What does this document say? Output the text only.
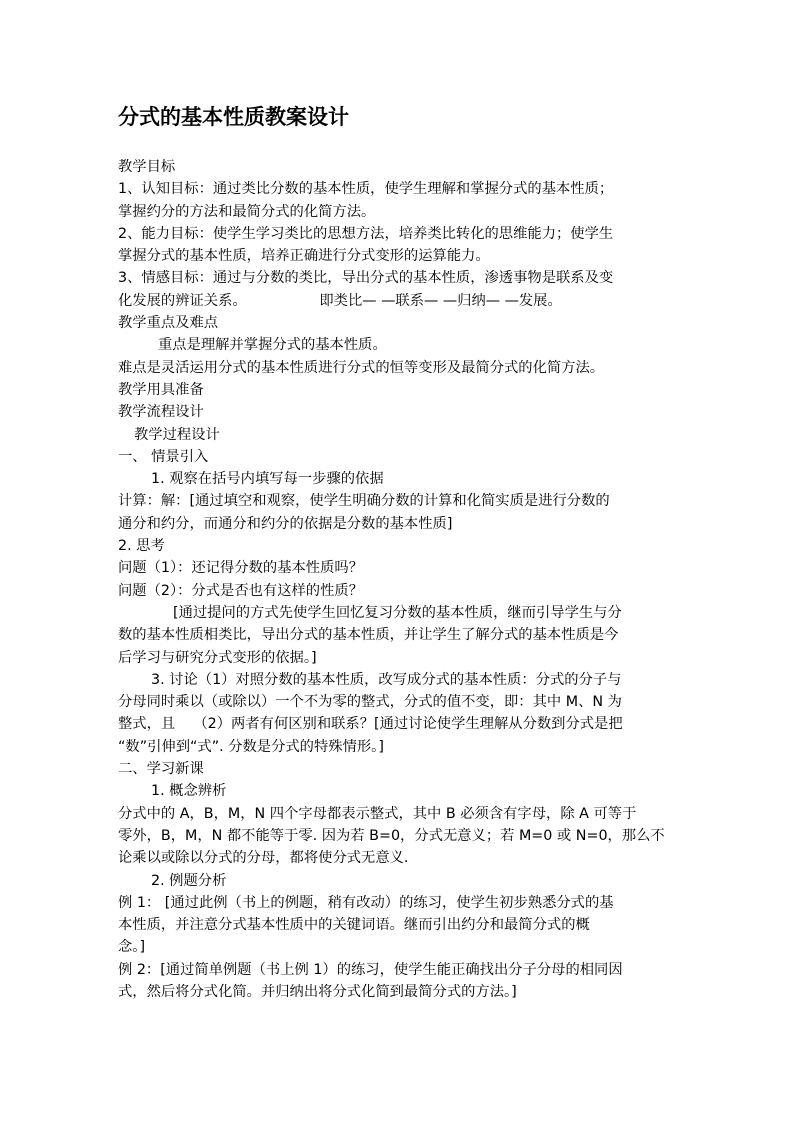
分式的基本性质教案设计
教学目标
1、认知目标：通过类比分数的基本性质，使学生理解和掌握分式的基本性质；
掌握约分的方法和最简分式的化简方法。
2、能力目标：使学生学习类比的思想方法，培养类比转化的思维能力；使学生
掌握分式的基本性质，培养正确进行分式变形的运算能力。
3、情感目标：通过与分数的类比，导出分式的基本性质，渗透事物是联系及变
化发展的辨证关系。                即类比— —联系— —归纳— —发展。
教学重点及难点
重点是理解并掌握分式的基本性质。
难点是灵活运用分式的基本性质进行分式的恒等变形及最简分式的化简方法。
教学用具准备
教学流程设计
教学过程设计
一、 情景引入
1. 观察在括号内填写每一步骤的依据
计算：解：[通过填空和观察，使学生明确分数的计算和化简实质是进行分数的
通分和约分，而通分和约分的依据是分数的基本性质]
2. 思考
问题（1）：还记得分数的基本性质吗？
问题（2）：分式是否也有这样的性质？
[通过提问的方式先使学生回忆复习分数的基本性质，继而引导学生与分
数的基本性质相类比，导出分式的基本性质，并让学生了解分式的基本性质是今
后学习与研究分式变形的依据。]
3. 讨论（1）对照分数的基本性质，改写成分式的基本性质：分式的分子与
分母同时乘以（或除以）一个不为零的整式，分式的值不变，即：其中 M、N 为
整式，且    （2）两者有何区别和联系？[通过讨论使学生理解从分数到分式是把
“数”引伸到“式”. 分数是分式的特殊情形。]
二、学习新课
1. 概念辨析
分式中的 A，B，M，N 四个字母都表示整式，其中 B 必须含有字母，除 A 可等于
零外，B，M，N 都不能等于零. 因为若 B=0，分式无意义；若 M=0 或 N=0，那么不
论乘以或除以分式的分母，都将使分式无意义.
2. 例题分析
例 1： [通过此例（书上的例题，稍有改动）的练习，使学生初步熟悉分式的基
本性质，并注意分式基本性质中的关键词语。继而引出约分和最简分式的概
念。]
例 2：[通过简单例题（书上例 1）的练习，使学生能正确找出分子分母的相同因
式，然后将分式化简。并归纳出将分式化简到最简分式的方法。]
